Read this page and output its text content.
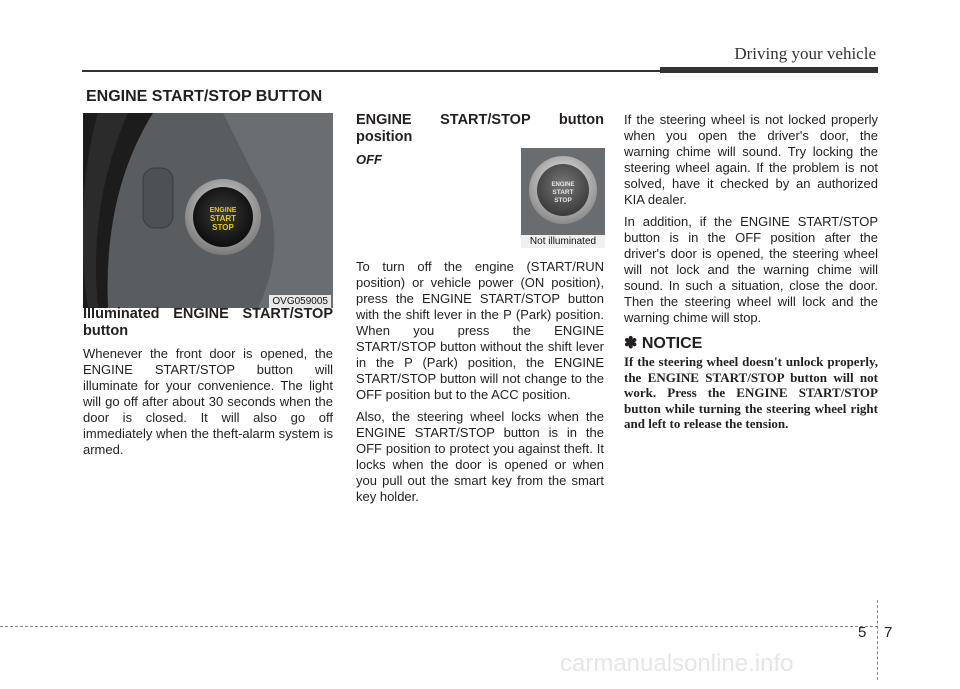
Driving your vehicle
ENGINE START/STOP BUTTON
ENGINE
START
STOP
OVG059005
Illuminated ENGINE START/STOP button

Whenever the front door is opened, the ENGINE START/STOP button will illuminate for your convenience. The light will go off after about 30 seconds when the door is closed. It will also go off immediately when the theft-alarm system is armed.

ENGINE START/STOP button position

OFF

To turn off the engine (START/RUN position) or vehicle power (ON position), press the ENGINE START/STOP button with the shift lever in the P (Park) position. When you press the ENGINE START/STOP button without the shift lever in the P (Park) position, the ENGINE START/STOP button will not change to the OFF position but to the ACC position.

Also, the steering wheel locks when the ENGINE START/STOP button is in the OFF position to protect you against theft. It locks when the door is opened or when you pull out the smart key from the smart key holder.

ENGINE
START
STOP
Not illuminated

If the steering wheel is not locked properly when you open the driver's door, the warning chime will sound. Try locking the steering wheel again. If the problem is not solved, have it checked by an authorized KIA dealer.

In addition, if the ENGINE START/STOP button is in the OFF position after the driver's door is opened, the steering wheel will not lock and the warning chime will sound. In such a situation, close the door. Then the steering wheel will lock and the warning chime will stop.

✽ NOTICE
If the steering wheel doesn't unlock properly, the ENGINE START/STOP button will not work. Press the ENGINE START/STOP button while turning the steering wheel right and left to release the tension.
5 7
carmanualsonline.info
